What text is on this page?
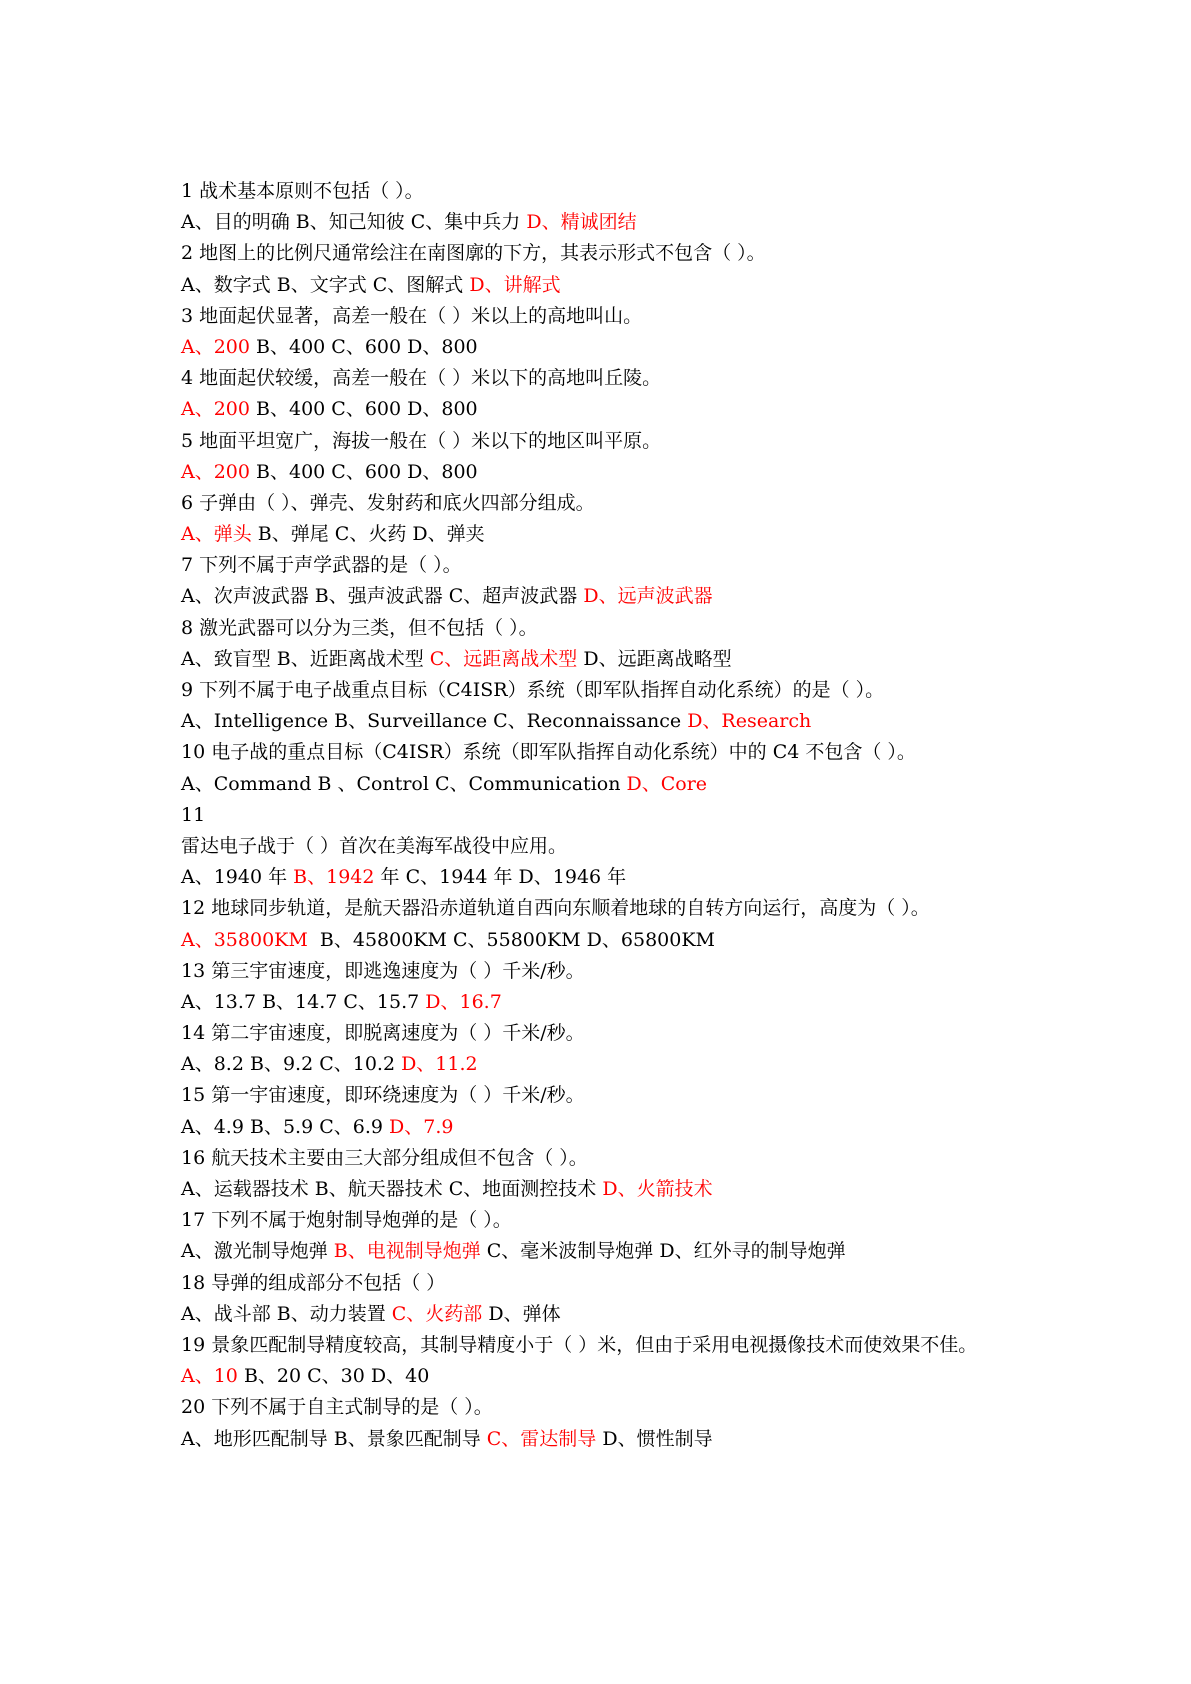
1 战术基本原则不包括（ ）。

A、目的明确 B、知己知彼 C、集中兵力 D、精诚团结

2 地图上的比例尺通常绘注在南图廓的下方，其表示形式不包含（ ）。

A、数字式 B、文字式 C、图解式 D、讲解式

3 地面起伏显著，高差一般在（ ）米以上的高地叫山。

A、200 B、400 C、600 D、800

4 地面起伏较缓，高差一般在（ ）米以下的高地叫丘陵。

A、200 B、400 C、600 D、800

5 地面平坦宽广，海拔一般在（ ）米以下的地区叫平原。

A、200 B、400 C、600 D、800

6 子弹由（ ）、弹壳、发射药和底火四部分组成。

A、弹头 B、弹尾 C、火药 D、弹夹

7 下列不属于声学武器的是（ ）。

A、次声波武器 B、强声波武器 C、超声波武器 D、远声波武器

8 激光武器可以分为三类，但不包括（ ）。

A、致盲型 B、近距离战术型 C、远距离战术型 D、远距离战略型

9 下列不属于电子战重点目标（C4ISR）系统（即军队指挥自动化系统）的是（ ）。

A、Intelligence B、Surveillance C、Reconnaissance D、Research

10 电子战的重点目标（C4ISR）系统（即军队指挥自动化系统）中的 C4 不包含（ ）。

A、Command B 、Control C、Communication D、Core

11

雷达电子战于（ ）首次在美海军战役中应用。

A、1940 年 B、1942 年 C、1944 年 D、1946 年

12 地球同步轨道，是航天器沿赤道轨道自西向东顺着地球的自转方向运行，高度为（ ）。

A、35800KM  B、45800KM C、55800KM D、65800KM

13 第三宇宙速度，即逃逸速度为（ ）千米/秒。

A、13.7 B、14.7 C、15.7 D、16.7

14 第二宇宙速度，即脱离速度为（ ）千米/秒。

A、8.2 B、9.2 C、10.2 D、11.2

15 第一宇宙速度，即环绕速度为（ ）千米/秒。

A、4.9 B、5.9 C、6.9 D、7.9

16 航天技术主要由三大部分组成但不包含（ ）。

A、运载器技术 B、航天器技术 C、地面测控技术 D、火箭技术

17 下列不属于炮射制导炮弹的是（ ）。

A、激光制导炮弹 B、电视制导炮弹 C、毫米波制导炮弹 D、红外寻的制导炮弹

18 导弹的组成部分不包括（ ）

A、战斗部 B、动力装置 C、火药部 D、弹体

19 景象匹配制导精度较高，其制导精度小于（ ）米，但由于采用电视摄像技术而使效果不佳。

A、10 B、20 C、30 D、40

20 下列不属于自主式制导的是（ ）。

A、地形匹配制导 B、景象匹配制导 C、雷达制导 D、惯性制导
